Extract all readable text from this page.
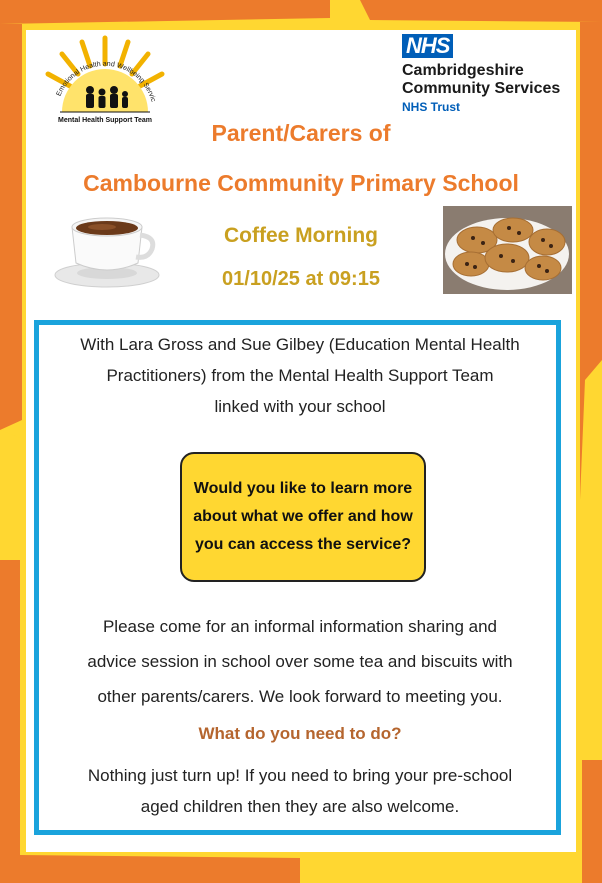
Emotional Health and Wellbeing Servic
Mental Health Support Team
NHS
Cambridgeshire
Community Services
NHS Trust
Parent/Carers of
Cambourne Community Primary School
Coffee Morning
01/10/25 at 09:15
With Lara Gross and Sue Gilbey (Education Mental Health
Practitioners) from the Mental Health Support Team
linked with your school
Would you like to learn more about what we offer and how you can access the service?
Please come for an informal information sharing and
advice session in school over some tea and biscuits with
other parents/carers. We look forward to meeting you.
What do you need to do?
Nothing just turn up! If you need to bring your pre-school
aged children then they are also welcome.
